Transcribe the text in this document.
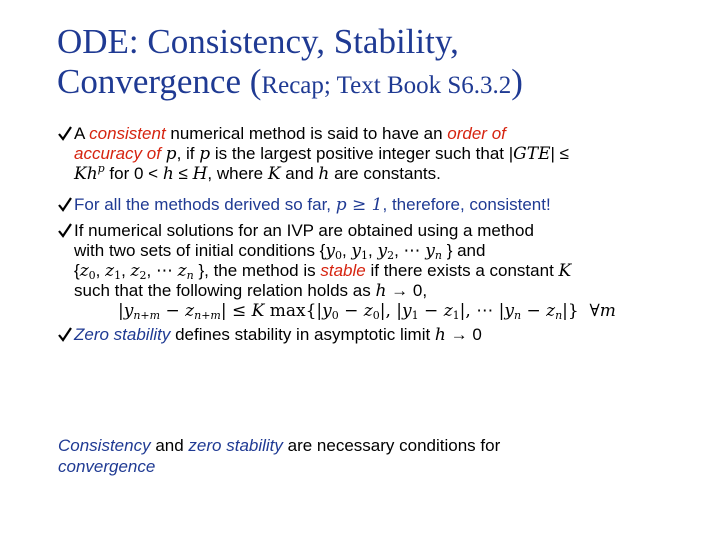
ODE: Consistency, Stability,
Convergence (Recap; Text Book S6.3.2)
A consistent numerical method is said to have an order of
accuracy of p, if p is the largest positive integer such that |GTE| ≤
$Kh^p$ for 0 < h ≤ H, where K and h are constants.
For all the methods derived so far, p ≥ 1, therefore, consistent!
If numerical solutions for an IVP are obtained using a method
with two sets of initial conditions {$y_0$, $y_1$, $y_2$, ⋯ $y_n$ } and
{$z_0$, $z_1$, $z_2$, ⋯ $z_n$ }, the method is stable if there exists a constant K
such that the following relation holds as h → 0,
$|y_{n+m} - z_{n+m}| \le K$ $\max\{|y_0 - z_0|$, $|y_1 - z_1|$, ⋯ $|y_n - z_n|$}  ∀m
Zero stability defines stability in asymptotic limit h → 0
Consistency and zero stability are necessary conditions for
convergence
